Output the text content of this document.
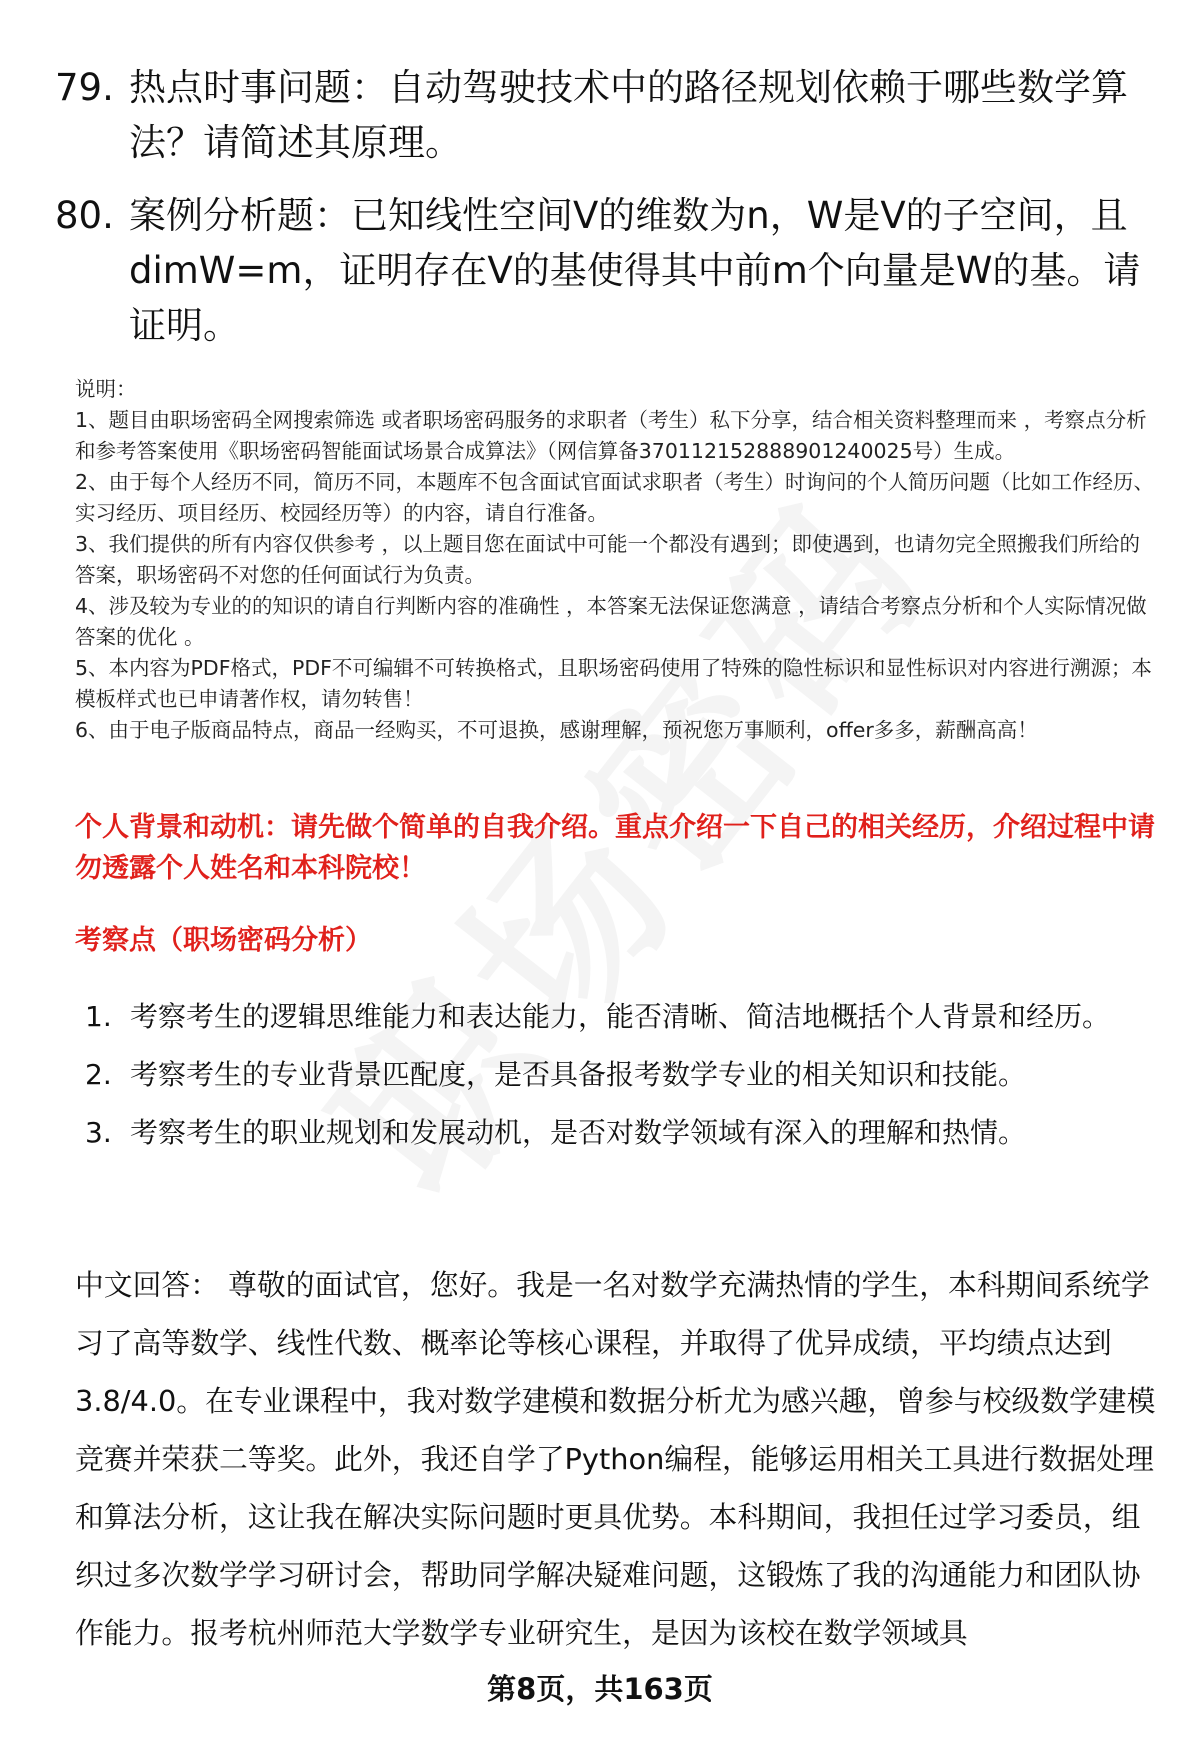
79. 热点时事问题：自动驾驶技术中的路径规划依赖于哪些数学算法？请简述其原理。
80. 案例分析题：已知线性空间V的维数为n，W是V的子空间，且dimW=m，证明存在V的基使得其中前m个向量是W的基。请证明。
说明：
1、题目由职场密码全网搜索筛选 或者职场密码服务的求职者（考生）私下分享，结合相关资料整理而来 ，考察点分析和参考答案使用《职场密码智能面试场景合成算法》（网信算备370112152888901240025号）生成。
2、由于每个人经历不同，简历不同，本题库不包含面试官面试求职者（考生）时询问的个人简历问题（比如工作经历、实习经历、项目经历、校园经历等）的内容，请自行准备。
3、我们提供的所有内容仅供参考 ，以上题目您在面试中可能一个都没有遇到；即使遇到，也请勿完全照搬我们所给的答案，职场密码不对您的任何面试行为负责。
4、涉及较为专业的的知识的请自行判断内容的准确性 ，本答案无法保证您满意 ，请结合考察点分析和个人实际情况做答案的优化 。
5、本内容为PDF格式，PDF不可编辑不可转换格式，且职场密码使用了特殊的隐性标识和显性标识对内容进行溯源；本模板样式也已申请著作权，请勿转售！
6、由于电子版商品特点，商品一经购买，不可退换，感谢理解，预祝您万事顺利，offer多多，薪酬高高！
个人背景和动机：请先做个简单的自我介绍。重点介绍一下自己的相关经历，介绍过程中请勿透露个人姓名和本科院校！
考察点（职场密码分析）
1. 考察考生的逻辑思维能力和表达能力，能否清晰、简洁地概括个人背景和经历。
2. 考察考生的专业背景匹配度，是否具备报考数学专业的相关知识和技能。
3. 考察考生的职业规划和发展动机，是否对数学领域有深入的理解和热情。
中文回答： 尊敬的面试官，您好。我是一名对数学充满热情的学生，本科期间系统学习了高等数学、线性代数、概率论等核心课程，并取得了优异成绩，平均绩点达到3.8/4.0。在专业课程中，我对数学建模和数据分析尤为感兴趣，曾参与校级数学建模竞赛并荣获二等奖。此外，我还自学了Python编程，能够运用相关工具进行数据处理和算法分析，这让我在解决实际问题时更具优势。本科期间，我担任过学习委员，组织过多次数学学习研讨会，帮助同学解决疑难问题，这锻炼了我的沟通能力和团队协作能力。报考杭州师范大学数学专业研究生，是因为该校在数学领域具
第8页，共163页
